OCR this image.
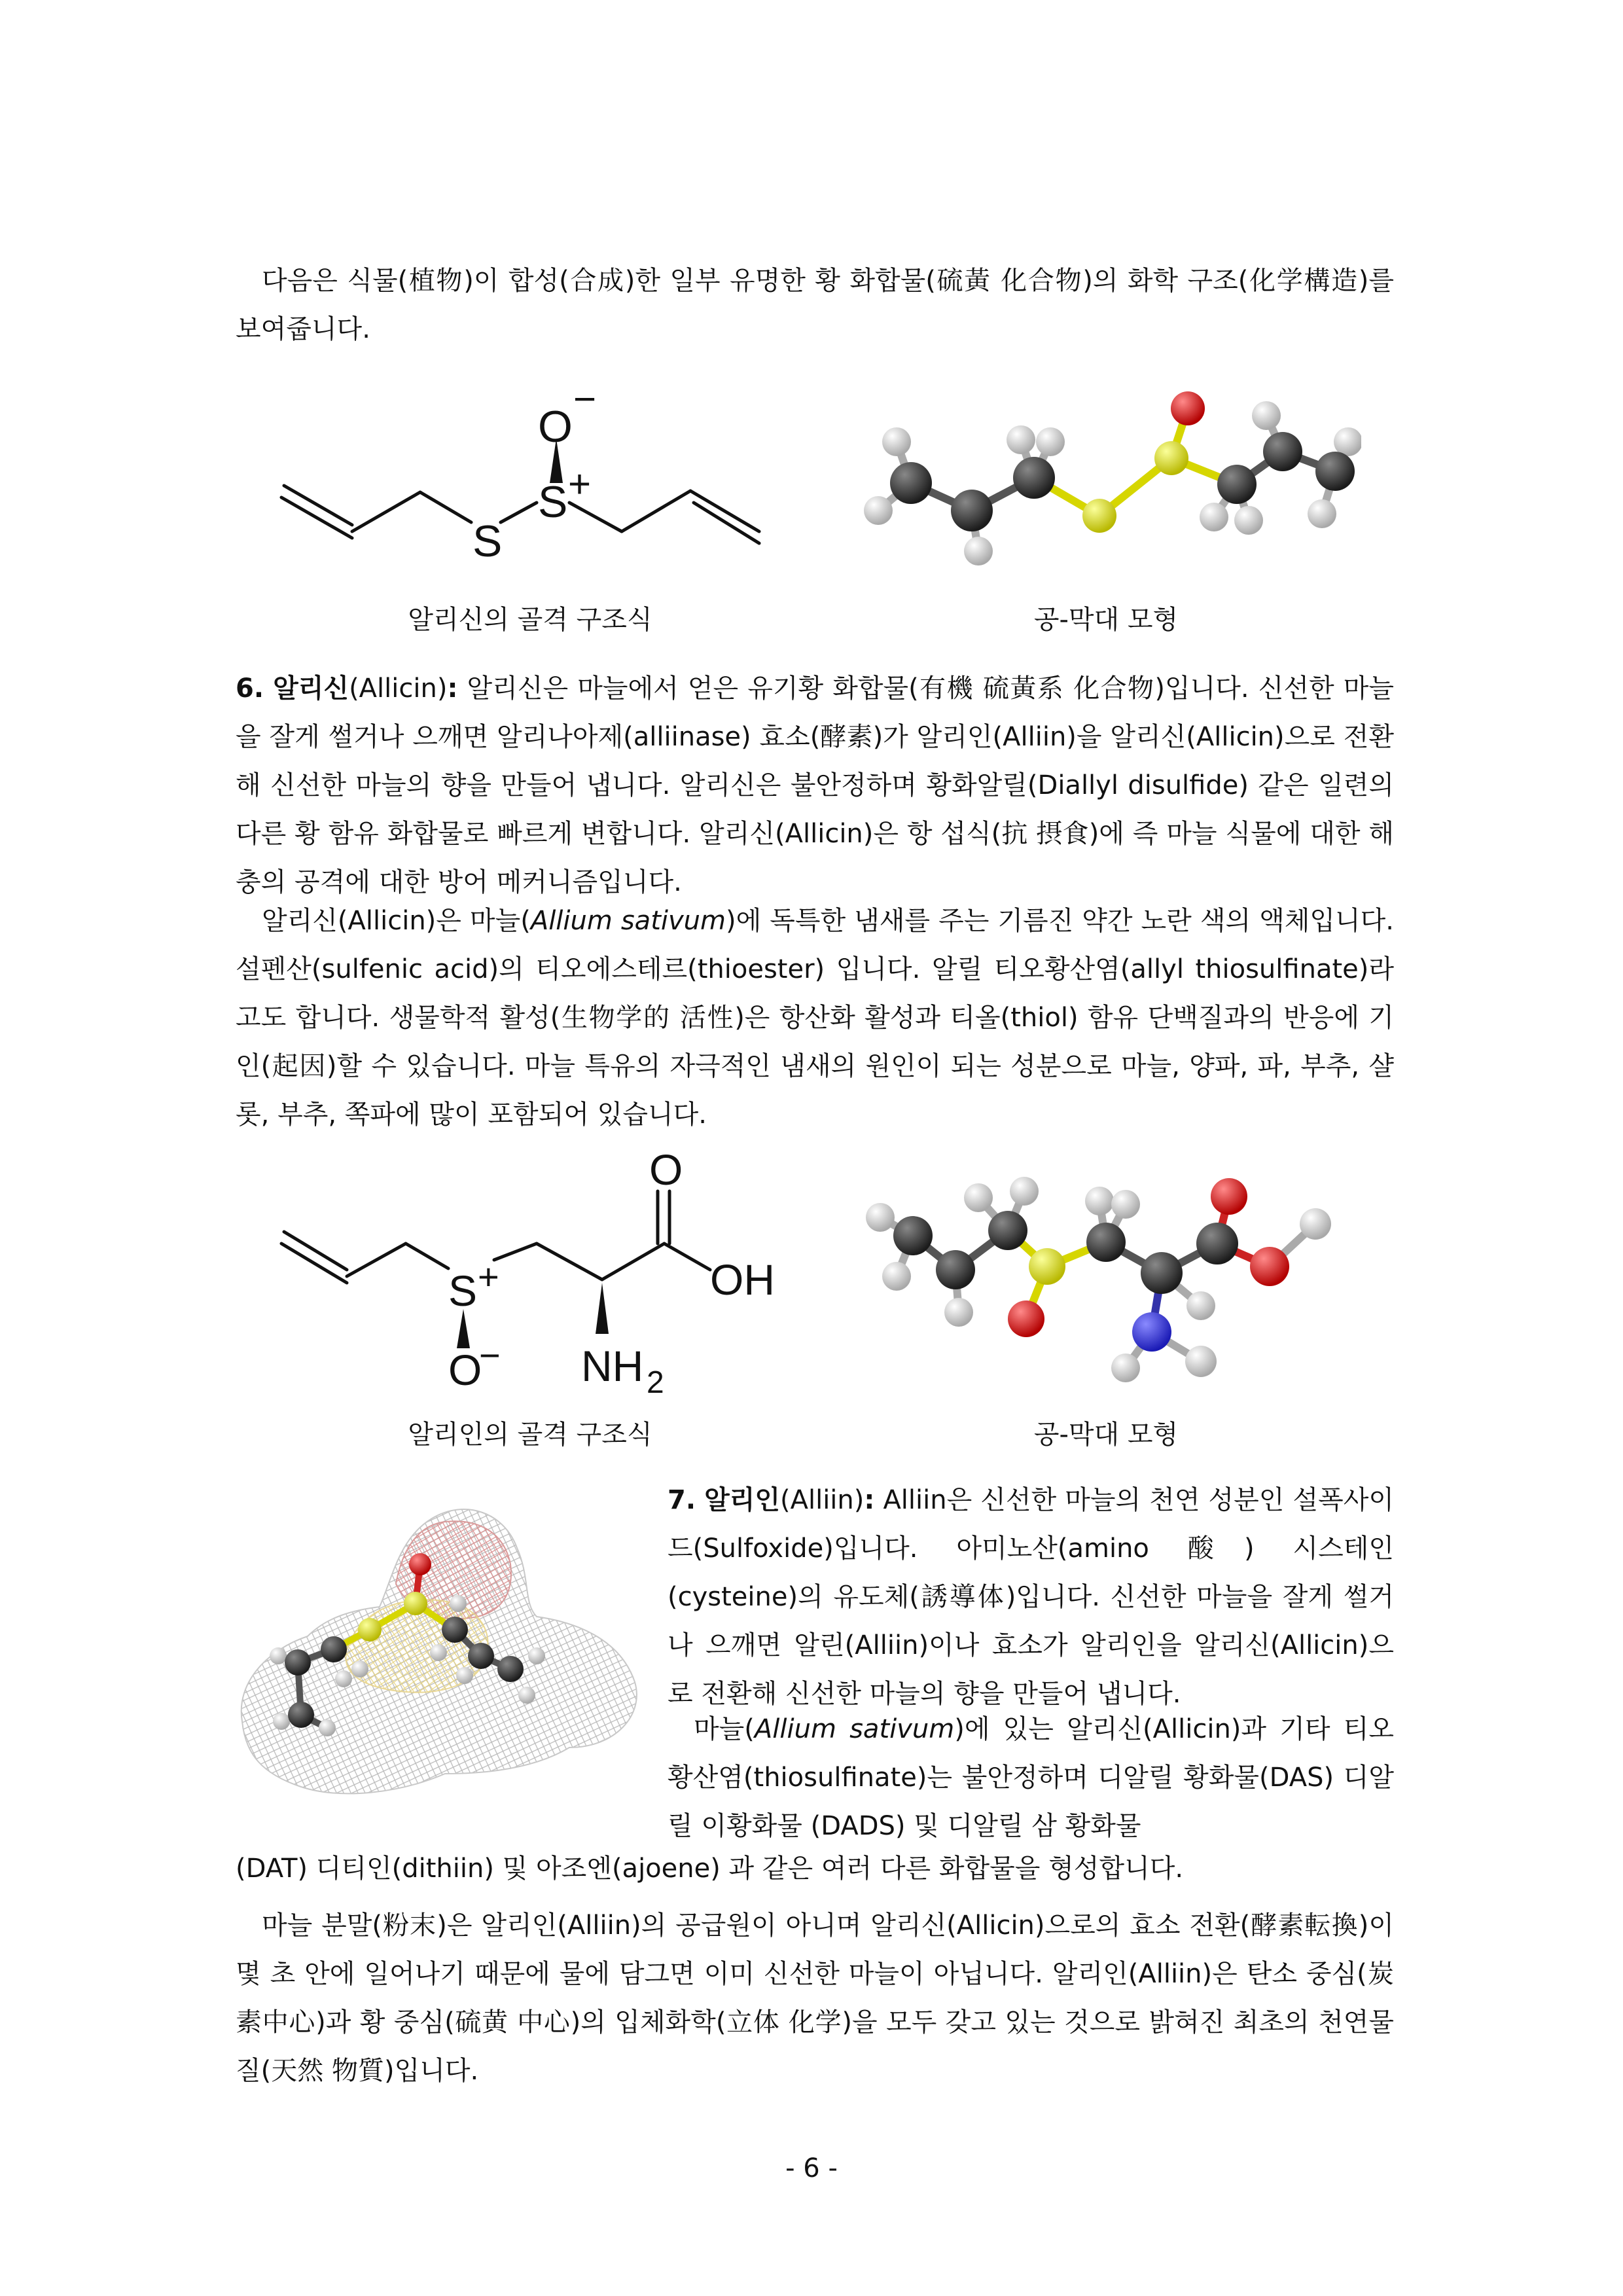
다음은 식물(植物)이 합성(合成)한 일부 유명한 황 화합물(硫黃 化合物)의 화학 구조(化学構造)를 보여줍니다.

O
−
S
S +
알리신의 골격 구조식	공-막대 모형

6. 알리신(Allicin): 알리신은 마늘에서 얻은 유기황 화합물(有機 硫黃系 化合物)입니다. 신선한 마늘을 잘게 썰거나 으깨면 알리나아제(alliinase) 효소(酵素)가 알리인(Alliin)을 알리신(Allicin)으로 전환해 신선한 마늘의 향을 만들어 냅니다. 알리신은 불안정하며 황화알릴(Diallyl disulfide) 같은 일련의 다른 황 함유 화합물로 빠르게 변합니다. 알리신(Allicin)은 항 섭식(抗 摂食)에 즉 마늘 식물에 대한 해충의 공격에 대한 방어 메커니즘입니다.

알리신(Allicin)은 마늘(Allium sativum)에 독특한 냄새를 주는 기름진 약간 노란 색의 액체입니다. 설펜산(sulfenic acid)의 티오에스테르(thioester) 입니다. 알릴 티오황산염(allyl thiosulfinate)라고도 합니다. 생물학적 활성(生物学的 活性)은 항산화 활성과 티올(thiol) 함유 단백질과의 반응에 기인(起因)할 수 있습니다. 마늘 특유의 자극적인 냄새의 원인이 되는 성분으로 마늘, 양파, 파, 부추, 샬롯, 부추, 쪽파에 많이 포함되어 있습니다.

O
S +	OH
O
− NH 2
알리인의 골격 구조식	공-막대 모형

7. 알리인(Alliin): Alliin은 신선한 마늘의 천연 성분인 설폭사이드(Sulfoxide)입니다. 아미노산(amino 酸) 시스테인(cysteine)의 유도체(誘導体)입니다. 신선한 마늘을 잘게 썰거나 으깨면 알린(Alliin)이나 효소가 알리인을 알리신(Allicin)으로 전환해 신선한 마늘의 향을 만들어 냅니다.

마늘(Allium sativum)에 있는 알리신(Allicin)과 기타 티오황산염(thiosulfinate)는 불안정하며 디알릴 황화물(DAS) 디알릴 이황화물 (DADS) 및 디알릴 삼 황화물

(DAT) 디티인(dithiin) 및 아조엔(ajoene) 과 같은 여러 다른 화합물을 형성합니다.

마늘 분말(粉末)은 알리인(Alliin)의 공급원이 아니며 알리신(Allicin)으로의 효소 전환(酵素転換)이 몇 초 안에 일어나기 때문에 물에 담그면 이미 신선한 마늘이 아닙니다. 알리인(Alliin)은 탄소 중심(炭素中心)과 황 중심(硫黄 中心)의 입체화학(立体 化学)을 모두 갖고 있는 것으로 밝혀진 최초의 천연물질(天然 物質)입니다.

- 6 -
